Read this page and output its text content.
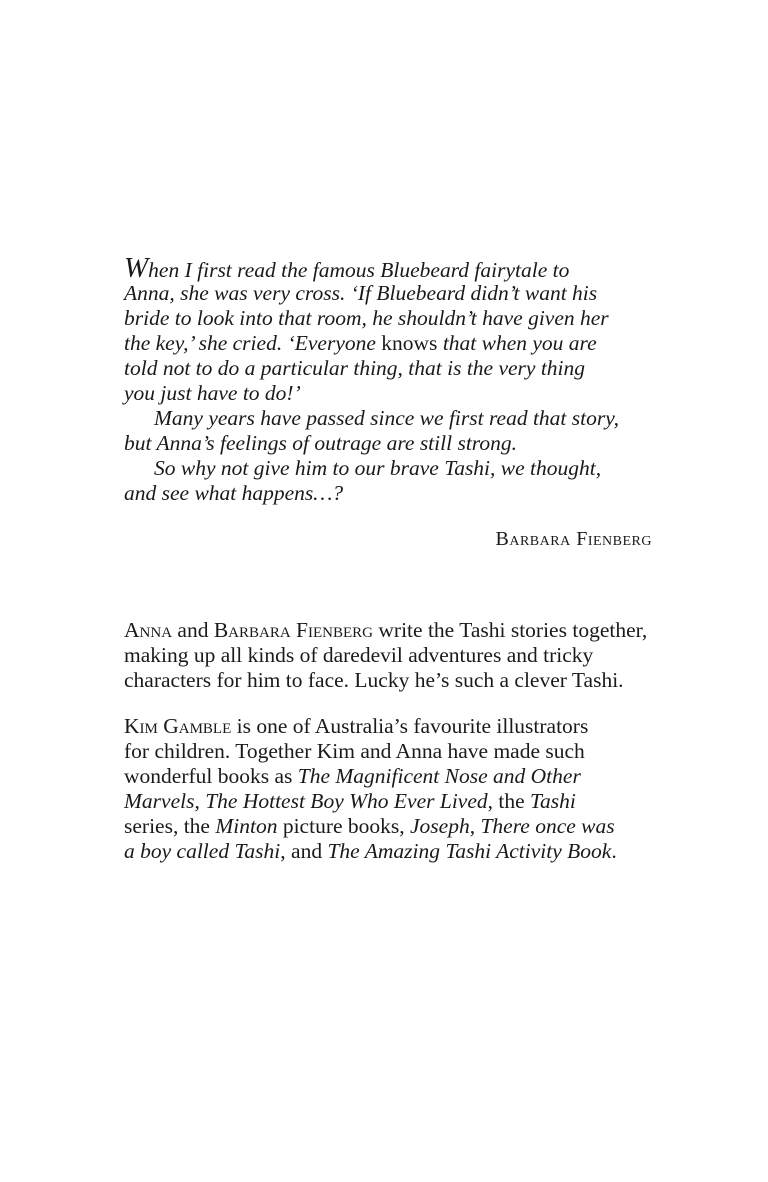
When I first read the famous Bluebeard fairytale to
Anna, she was very cross. ‘If Bluebeard didn’t want his
bride to look into that room, he shouldn’t have given her
the key,’ she cried. ‘Everyone knows that when you are
told not to do a particular thing, that is the very thing
you just have to do!’
Many years have passed since we first read that story,
but Anna’s feelings of outrage are still strong.
So why not give him to our brave Tashi, we thought,
and see what happens…?
Barbara Fienberg
Anna and Barbara Fienberg write the Tashi stories together,
making up all kinds of daredevil adventures and tricky
characters for him to face. Lucky he’s such a clever Tashi.
Kim Gamble is one of Australia’s favourite illustrators
for children. Together Kim and Anna have made such
wonderful books as The Magnificent Nose and Other
Marvels, The Hottest Boy Who Ever Lived, the Tashi
series, the Minton picture books, Joseph, There once was
a boy called Tashi, and The Amazing Tashi Activity Book.
